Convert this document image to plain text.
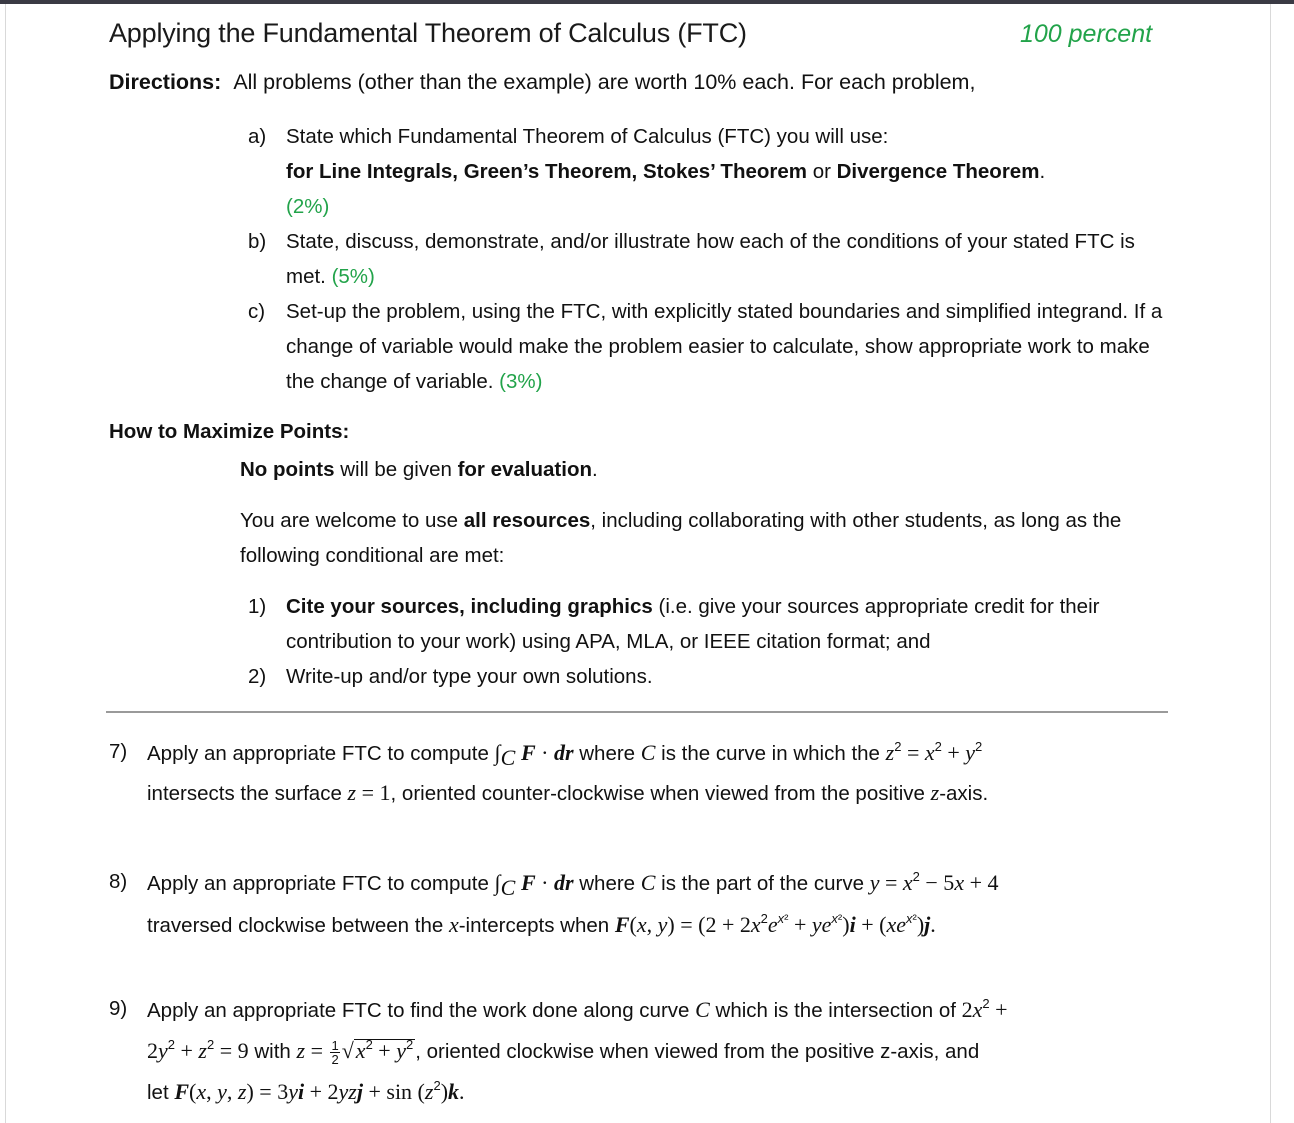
Applying the Fundamental Theorem of Calculus (FTC)	100 percent
Directions: All problems (other than the example) are worth 10% each. For each problem,
a) State which Fundamental Theorem of Calculus (FTC) you will use:
for Line Integrals, Green’s Theorem, Stokes’ Theorem or Divergence Theorem.
(2%)
b) State, discuss, demonstrate, and/or illustrate how each of the conditions of your stated FTC is met. (5%)
c) Set-up the problem, using the FTC, with explicitly stated boundaries and simplified integrand. If a change of variable would make the problem easier to calculate, show appropriate work to make the change of variable. (3%)
How to Maximize Points:
No points will be given for evaluation.
You are welcome to use all resources, including collaborating with other students, as long as the following conditional are met:
1) Cite your sources, including graphics (i.e. give your sources appropriate credit for their contribution to your work) using APA, MLA, or IEEE citation format; and
2) Write-up and/or type your own solutions.
7) Apply an appropriate FTC to compute $\int_C$ F · dr where C is the curve in which the $z^2 = x^2 + y^2$
intersects the surface z = 1, oriented counter-clockwise when viewed from the positive z-axis.
8) Apply an appropriate FTC to compute $\int_C$ F · dr where C is the part of the curve $y = x^2 - 5x + 4$
traversed clockwise between the x-intercepts when F(x, $y) = (2 + 2x^2e^{x^2} + ye^{x^2})i + (xe^{x^2})j$.
9) Apply an appropriate FTC to find the work done along curve C which is the intersection of $2x^2$ +
$2y^2 + z^2 = 9$ with $z = \frac{1}{2} √x^2 + y^2$, oriented clockwise when viewed from the positive z-axis, and
let F(x, y, $z) = 3yi + 2yzj + \sin (z^2)k$.
